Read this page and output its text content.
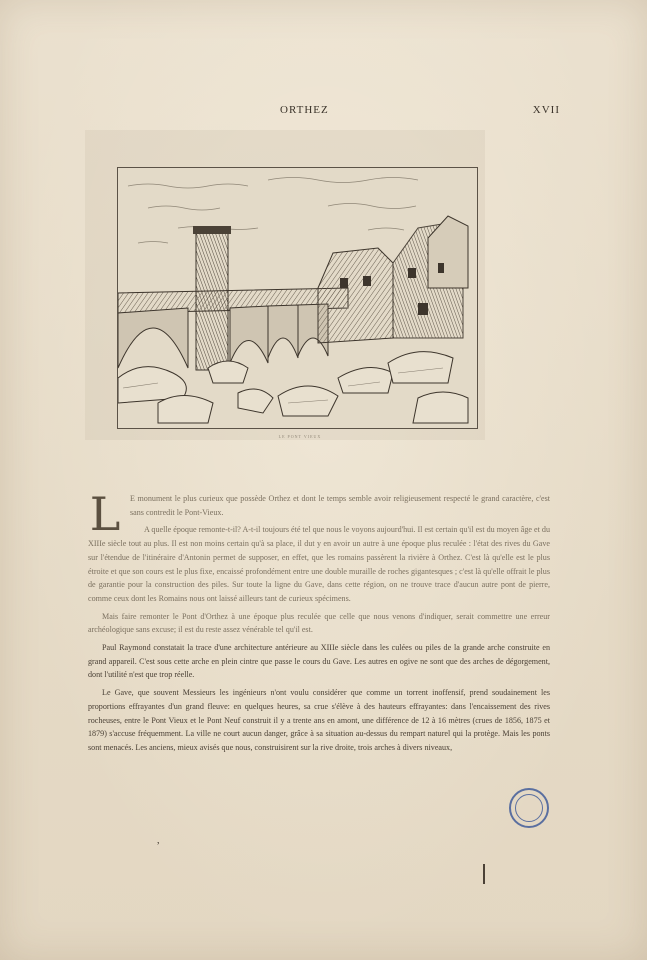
ORTHEZ	XVII
LE PONT VIEUX

L E monument le plus curieux que possède Orthez et dont le temps semble avoir religieusement respecté le grand caractère, c'est sans contredit le Pont-Vieux.

A quelle époque remonte-t-il? A-t-il toujours été tel que nous le voyons aujourd'hui. Il est certain qu'il est du moyen âge et du XIIIe siècle tout au plus. Il est non moins certain qu'à sa place, il dut y en avoir un autre à une époque plus reculée : l'état des rives du Gave sur l'étendue de l'itinéraire d'Antonin permet de supposer, en effet, que les romains passèrent la rivière à Orthez. C'est là qu'elle est le plus étroite et que son cours est le plus fixe, encaissé profondément entre une double muraille de roches gigantesques ; c'est là qu'elle offrait le plus de garantie pour la construction des piles. Sur toute la ligne du Gave, dans cette région, on ne trouve trace d'aucun autre pont de pierre, comme ceux dont les Romains nous ont laissé ailleurs tant de curieux spécimens.

Mais faire remonter le Pont d'Orthez à une époque plus reculée que celle que nous venons d'indiquer, serait commettre une erreur archéologique sans excuse; il est du reste assez vénérable tel qu'il est.

Paul Raymond constatait la trace d'une architecture antérieure au XIIIe siècle dans les culées ou piles de la grande arche construite en grand appareil. C'est sous cette arche en plein cintre que passe le cours du Gave. Les autres en ogive ne sont que des arches de dégorgement, dont l'utilité n'est que trop réelle.

Le Gave, que souvent Messieurs les ingénieurs n'ont voulu considérer que comme un torrent inoffensif, prend soudainement les proportions effrayantes d'un grand fleuve: en quelques heures, sa crue s'élève à des hauteurs effrayantes: dans l'encaissement des rives rocheuses, entre le Pont Vieux et le Pont Neuf construit il y a trente ans en amont, une différence de 12 à 16 mètres (crues de 1856, 1875 et 1879) s'accuse fréquemment. La ville ne court aucun danger, grâce à sa situation au-dessus du rempart naturel qui la protège. Mais les ponts sont menacés. Les anciens, mieux avisés que nous, construisirent sur la rive droite, trois arches à divers niveaux,

,
